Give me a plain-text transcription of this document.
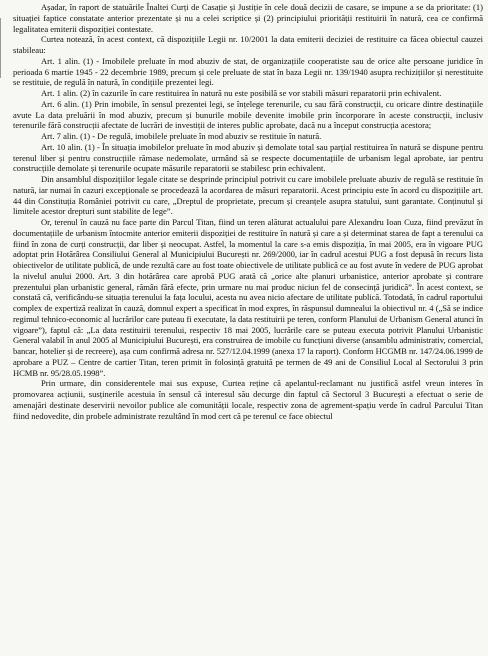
Așadar, în raport de statuările Înaltei Curți de Casație și Justiție în cele două decizii de casare, se impune a se da prioritate: (1) situației faptice constatate anterior prezentate și nu a celei scriptice și (2) principiului priorității restituirii în natură, cea ce confirmă legalitatea emiterii dispoziției contestate.

Curtea notează, în acest context, că dispozițiile Legii nr. 10/2001 la data emiterii deciziei de restituire ca făcea obiectul cauzei stabileau:

Art. 1 alin. (1) - Imobilele preluate în mod abuziv de stat, de organizațiile cooperatiste sau de orice alte persoane juridice în perioada 6 martie 1945 - 22 decembrie 1989, precum și cele preluate de stat în baza Legii nr. 139/1940 asupra rechizițiilor și nerestituite se restituie, de regulă în natură, în condițiile prezentei legi.

Art. 1 alin. (2) în cazurile în care restituirea în natură nu este posibilă se vor stabili măsuri reparatorii prin echivalent.

Art. 6 alin. (1) Prin imobile, în sensul prezentei legi, se înțelege terenurile, cu sau fără construcții, cu oricare dintre destinațiile avute La data preluării în mod abuziv, precum și bunurile mobile devenite imobile prin încorporare în aceste construcții, inclusiv terenurile fără construcții afectate de lucrări de investiții de interes public aprobate, dacă nu a început construcția acestora;

Art. 7 alin. (1) - De regulă, imobilele preluate în mod abuziv se restituie în natură.

Art. 10 alin. (1) - În situația imobilelor preluate în mod abuziv și demolate total sau parțial restituirea în natură se dispune pentru terenul liber și pentru construcțiile rămase nedemolate, urmând să se respecte documentațiile de urbanism legal aprobate, iar pentru construcțiile demolate și terenurile ocupate măsurile reparatorii se stabilesc prin echivalent.

Din ansamblul dispozițiilor legale citate se desprinde principiul potrivit cu care imobilele preluate abuziv de regulă se restituie în natură, iar numai în cazuri excepționale se procedează la acordarea de măsuri reparatorii. Acest principiu este în acord cu dispozițiile art. 44 din Constituția României potrivit cu care, „Dreptul de proprietate, precum și creanțele asupra statului, sunt garantate. Conținutul și limitele acestor drepturi sunt stabilite de lege”.

Or, terenul în cauză nu face parte din Parcul Titan, fiind un teren alăturat actualului pare Alexandru Ioan Cuza, fiind prevăzut în documentațiile de urbanism întocmite anterior emiterii dispoziției de restituire în natură și care a și determinat starea de fapt a terenului ca fiind în zona de curți construcții, dar liber și neocupat. Astfel, la momentul la care s-a emis dispoziția, în mai 2005, era în vigoare PUG adoptat prin Hotărârea Consiliului General al Municipiului București nr. 269/2000, iar în cadrul acestui PUG a fost depusă în recurs lista obiectivelor de utilitate publică, de unde rezultă care au fost toate obiectivele de utilitate publică ce au fost avute în vedere de PUG aprobat la nivelul anului 2000. Art. 3 din hotărârea care aprobă PUG arată că „orice alte planuri urbanistice, anterior aprobate și contrare prezentului plan urbanistic general, rămân fără efecte, prin urmare nu mai produc niciun fel de consecință juridică”. În acest context, se constată că, verificându-se situația terenului la fața locului, acesta nu avea nicio afectare de utilitate publică. Totodată, în cadrul raportului complex de expertiză realizat în cauză, domnul expert a specificat în mod expres, în răspunsul dumnealui la obiectivul nr. 4 („Să se indice regimul tehnico-economic al lucrărilor care puteau fi executate, la data restituirii pe teren, conform Planului de Urbanism General atunci în vigoare”), faptul că: „La data restituirii terenului, respectiv 18 mai 2005, lucrările care se puteau executa potrivit Planului Urbanistic General valabil în anul 2005 al Municipiului București, era construirea de imobile cu funcțiuni diverse (ansamblu administrativ, comercial, bancar, hotelier și de recreere), așa cum confirmă adresa nr. 527/12.04.1999 (anexa 17 la raport). Conform HCGMB nr. 147/24.06.1999 de aprobare a PUZ – Centre de cartier Titan, teren primit în folosință gratuită pe termen de 49 ani de Consiliul Local al Sectorului 3 prin HCMB nr. 95/28.05.1998”.

Prin urmare, din considerentele mai sus expuse, Curtea reține că apelantul-reclamant nu justifică astfel vreun interes în promovarea acțiunii, susținerile acestuia în sensul că interesul său decurge din faptul că Sectorul 3 București a efectuat o serie de amenajări destinate deservirii nevoilor publice ale comunității locale, respectiv zona de agrement-spațiu verde în cadrul Parcului Titan fiind nedovedite, din probele administrate rezultând în mod cert că pe terenul ce face obiectul
